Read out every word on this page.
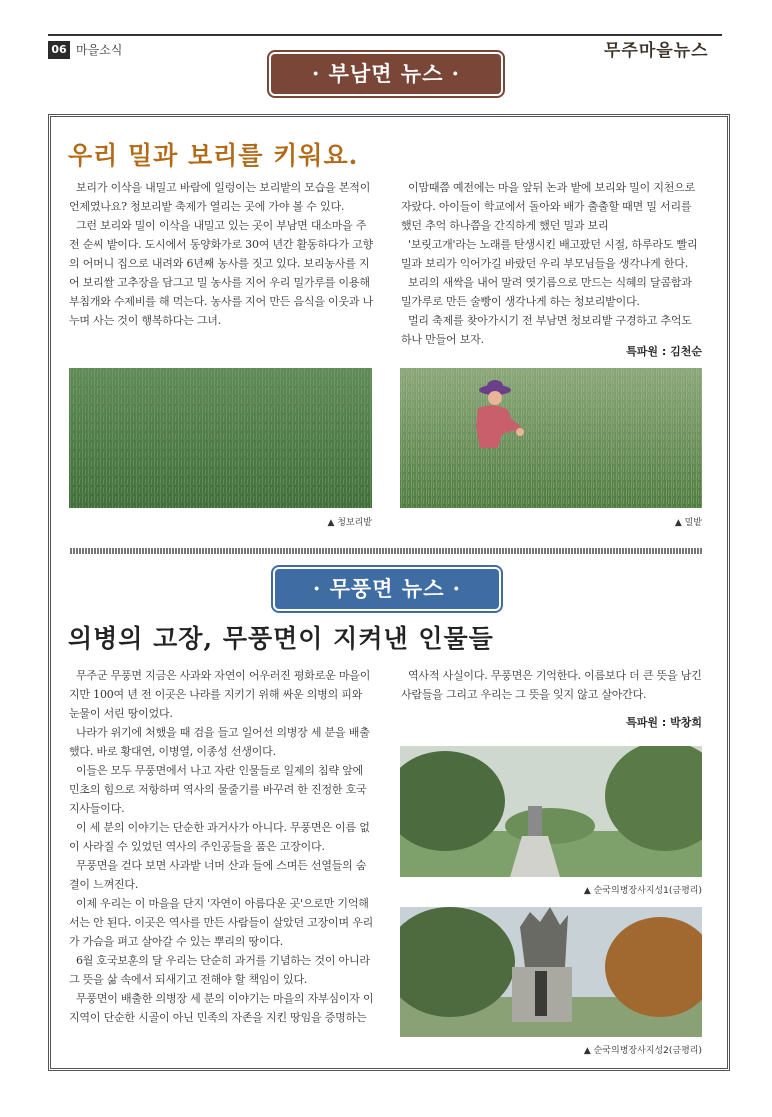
06 마을소식	무주마을뉴스
· 부남면 뉴스 ·
우리 밀과 보리를 키워요.

보리가 이삭을 내밀고 바람에 일렁이는 보리밭의 모습을 본적이 언제였나요? 청보리밭 축제가 열리는 곳에 가야 볼 수 있다.

그런 보리와 밀이 이삭을 내밀고 있는 곳이 부남면 대소마을 주전 순씨 밭이다. 도시에서 동양화가로 30여 년간 활동하다가 고향의 어머니 집으로 내려와 6년째 농사를 짓고 있다. 보리농사를 지어 보리쌀 고추장을 담그고 밀 농사를 지어 우리 밀가루를 이용해 부침개와 수제비를 해 먹는다. 농사를 지어 만든 음식을 이웃과 나누며 사는 것이 행복하다는 그녀.

이맘때쯤 예전에는 마을 앞뒤 논과 밭에 보리와 밀이 지천으로 자랐다. 아이들이 학교에서 돌아와 배가 출출할 때면 밀 서리를 했던 추억 하나쯤을 간직하게 했던 밀과 보리

'보릿고개'라는 노래를 탄생시킨 배고팠던 시절, 하루라도 빨리 밀과 보리가 익어가길 바랐던 우리 부모님들을 생각나게 한다.

보리의 새싹을 내어 말려 엿기름으로 만드는 식혜의 달콤함과 밀가루로 만든 술빵이 생각나게 하는 청보리밭이다.

멀리 축제를 찾아가시기 전 부남면 청보리밭 구경하고 추억도 하나 만들어 보자.

특파원 : 김천순
▲ 청보리밭	▲ 밀밭
· 무풍면 뉴스 ·
의병의 고장, 무풍면이 지켜낸 인물들

무주군 무풍면 지금은 사과와 자연이 어우러진 평화로운 마을이지만 100여 년 전 이곳은 나라를 지키기 위해 싸운 의병의 피와 눈물이 서린 땅이었다.

나라가 위기에 처했을 때 검을 들고 일어선 의병장 세 분을 배출했다. 바로 황대연, 이병열, 이종성 선생이다.

이들은 모두 무풍면에서 나고 자란 인물들로 일제의 침략 앞에 민초의 힘으로 저항하며 역사의 물줄기를 바꾸려 한 진정한 호국지사들이다.

이 세 분의 이야기는 단순한 과거사가 아니다. 무풍면은 이름 없이 사라질 수 있었던 역사의 주인공들을 품은 고장이다.

무풍면을 걷다 보면 사과밭 너머 산과 들에 스며든 선열들의 숨결이 느껴진다.

이제 우리는 이 마을을 단지 '자연이 아름다운 곳'으로만 기억해서는 안 된다. 이곳은 역사를 만든 사람들이 살았던 고장이며 우리가 가슴을 펴고 살아갈 수 있는 뿌리의 땅이다.

6월 호국보훈의 달 우리는 단순히 과거를 기념하는 것이 아니라 그 뜻을 삶 속에서 되새기고 전해야 할 책임이 있다.

무풍면이 배출한 의병장 세 분의 이야기는 마을의 자부심이자 이 지역이 단순한 시골이 아닌 민족의 자존을 지킨 땅임을 증명하는

역사적 사실이다. 무풍면은 기억한다. 이름보다 더 큰 뜻을 남긴 사람들을 그리고 우리는 그 뜻을 잊지 않고 살아간다.

특파원 : 박창희
▲ 순국의병장사지성1(금평리)
▲ 순국의병장사지성2(금평리)
